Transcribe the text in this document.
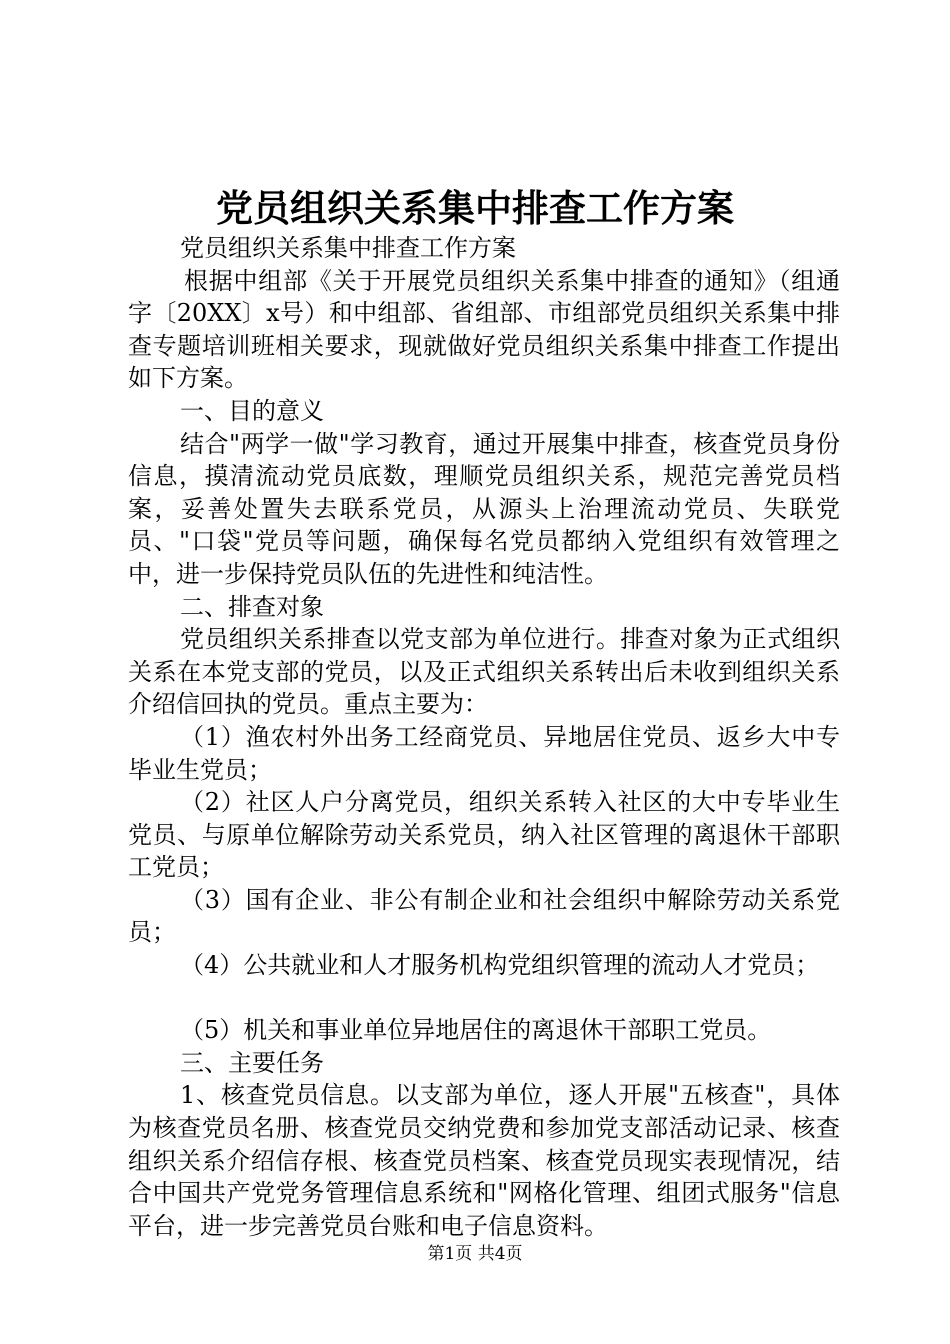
党员组织关系集中排查工作方案

党员组织关系集中排查工作方案

根据中组部《关于开展党员组织关系集中排查的通知》（组通字〔20XX〕x号）和中组部、省组部、市组部党员组织关系集中排查专题培训班相关要求，现就做好党员组织关系集中排查工作提出如下方案。

一、目的意义

结合"两学一做"学习教育，通过开展集中排查，核查党员身份信息，摸清流动党员底数，理顺党员组织关系，规范完善党员档案，妥善处置失去联系党员，从源头上治理流动党员、失联党员、"口袋"党员等问题，确保每名党员都纳入党组织有效管理之中，进一步保持党员队伍的先进性和纯洁性。

二、排查对象

党员组织关系排查以党支部为单位进行。排查对象为正式组织关系在本党支部的党员，以及正式组织关系转出后未收到组织关系介绍信回执的党员。重点主要为：

（1）渔农村外出务工经商党员、异地居住党员、返乡大中专毕业生党员；

（2）社区人户分离党员，组织关系转入社区的大中专毕业生党员、与原单位解除劳动关系党员，纳入社区管理的离退休干部职工党员；

（3）国有企业、非公有制企业和社会组织中解除劳动关系党员；

（4）公共就业和人才服务机构党组织管理的流动人才党员；

（5）机关和事业单位异地居住的离退休干部职工党员。

三、主要任务

1、核查党员信息。以支部为单位，逐人开展"五核查"，具体为核查党员名册、核查党员交纳党费和参加党支部活动记录、核查组织关系介绍信存根、核查党员档案、核查党员现实表现情况，结合中国共产党党务管理信息系统和"网格化管理、组团式服务"信息平台，进一步完善党员台账和电子信息资料。

第1页 共4页
